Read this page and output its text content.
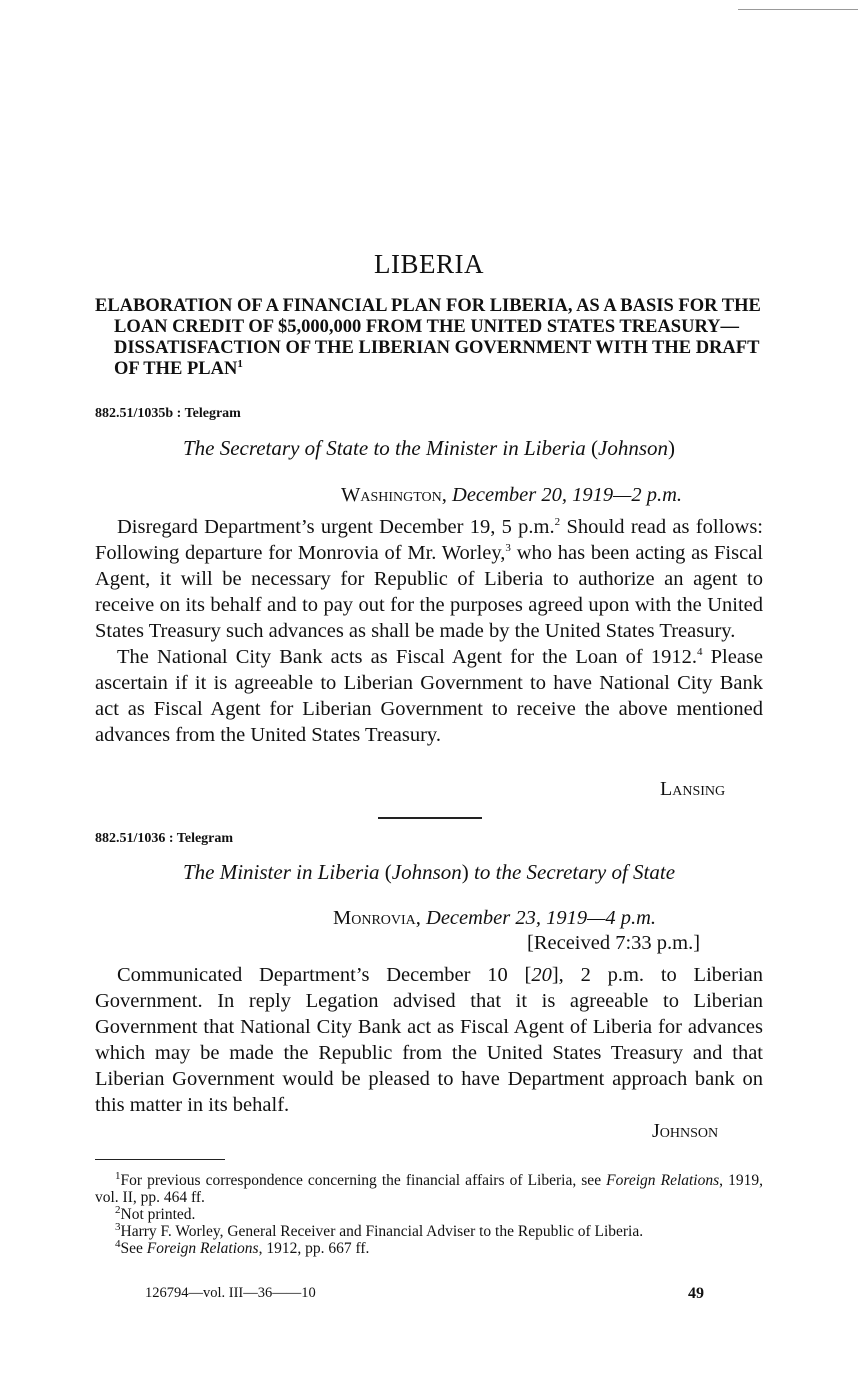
LIBERIA
ELABORATION OF A FINANCIAL PLAN FOR LIBERIA, AS A BASIS FOR THE LOAN CREDIT OF $5,000,000 FROM THE UNITED STATES TREASURY—DISSATISFACTION OF THE LIBERIAN GOVERNMENT WITH THE DRAFT OF THE PLAN$^1$
882.51/1035b : Telegram
The Secretary of State to the Minister in Liberia (Johnson)
Washington, December 20, 1919—2 p.m.

Disregard Department’s urgent December 19, 5 p.m.$^2$ Should read as follows: Following departure for Monrovia of Mr. Worley,$^3$ who has been acting as Fiscal Agent, it will be necessary for Republic of Liberia to authorize an agent to receive on its behalf and to pay out for the purposes agreed upon with the United States Treasury such advances as shall be made by the United States Treasury.

The National City Bank acts as Fiscal Agent for the Loan of 1912.$^4$ Please ascertain if it is agreeable to Liberian Government to have National City Bank act as Fiscal Agent for Liberian Government to receive the above mentioned advances from the United States Treasury.

Lansing
882.51/1036 : Telegram
The Minister in Liberia (Johnson) to the Secretary of State
Monrovia, December 23, 1919—4 p.m.
[Received 7:33 p.m.]

Communicated Department’s December 10 [20], 2 p.m. to Liberian Government. In reply Legation advised that it is agreeable to Liberian Government that National City Bank act as Fiscal Agent of Liberia for advances which may be made the Republic from the United States Treasury and that Liberian Government would be pleased to have Department approach bank on this matter in its behalf.

Johnson

$^1$For previous correspondence concerning the financial affairs of Liberia, see Foreign Relations, 1919, vol. II, pp. 464 ff.

$^2$Not printed.

$^3$Harry F. Worley, General Receiver and Financial Adviser to the Republic of Liberia.

$^4$See Foreign Relations, 1912, pp. 667 ff.

126794—vol. III—36——10	49
